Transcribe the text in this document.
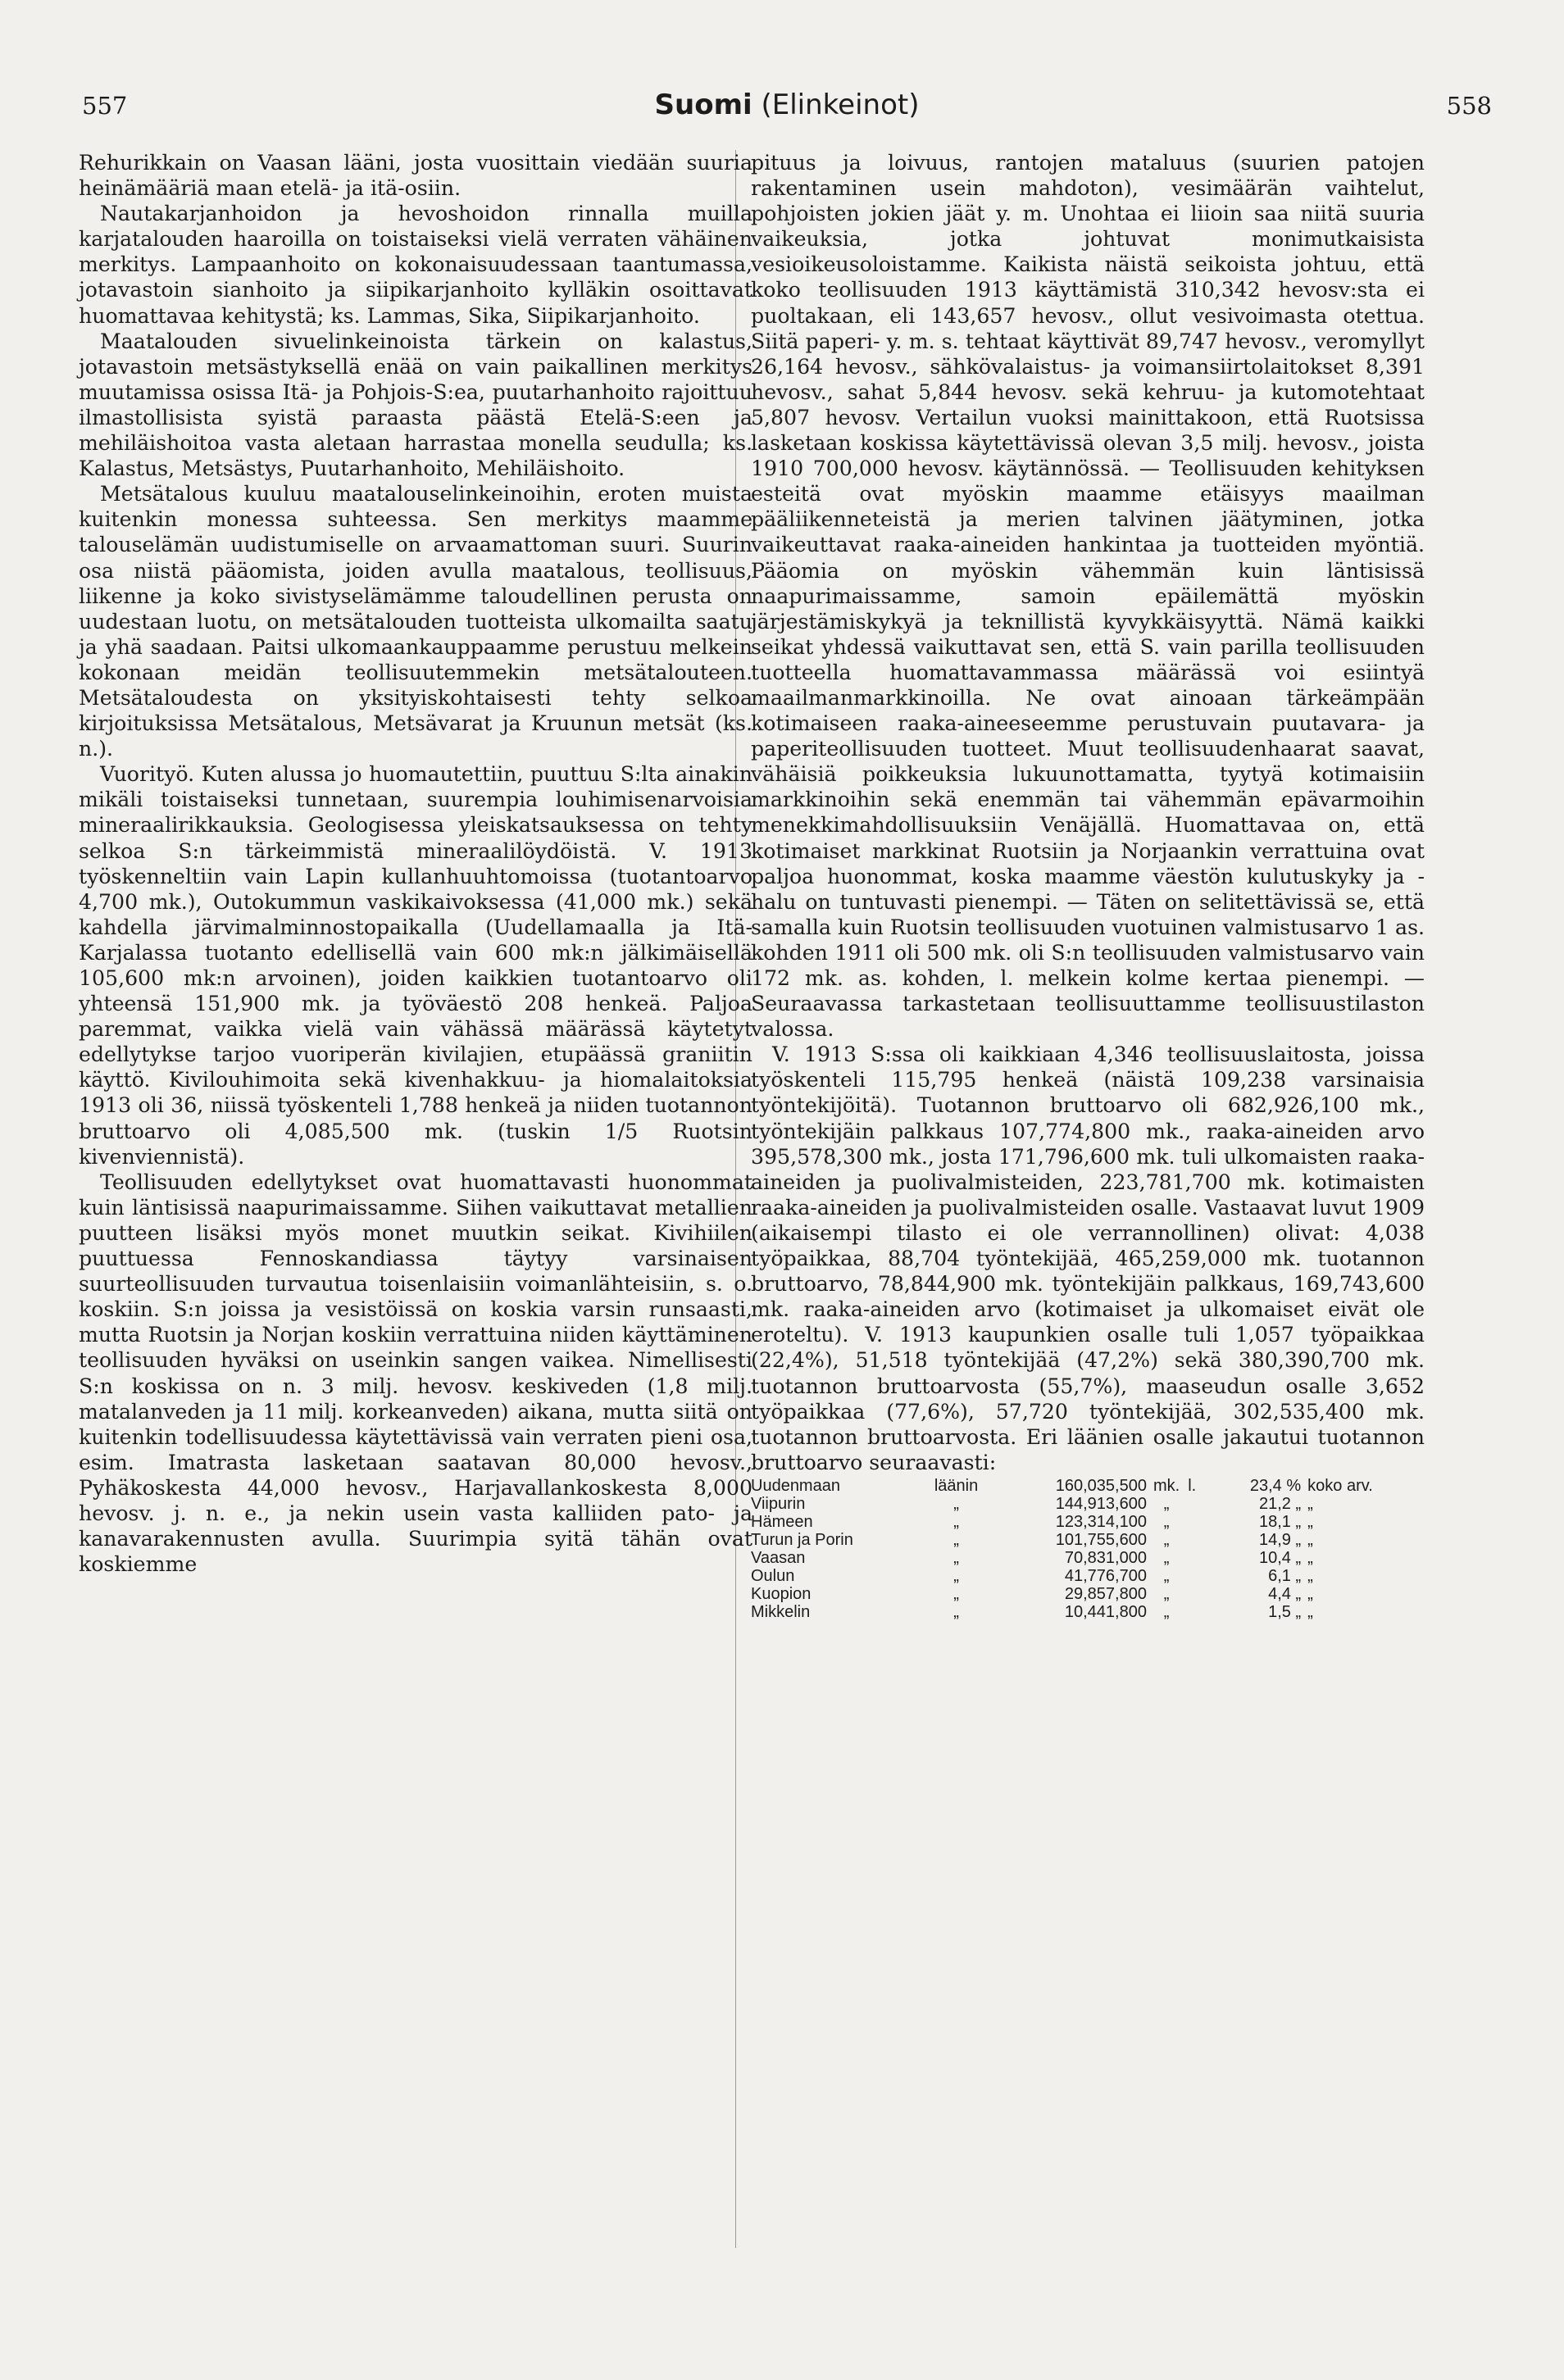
557	Suomi (Elinkeinot)	558

Rehurikkain on Vaasan lääni, josta vuosittain viedään suuria heinämääriä maan etelä- ja itä-osiin.

Nautakarjanhoidon ja hevoshoidon rinnalla muilla karjatalouden haaroilla on toistaiseksi vielä verraten vähäinen merkitys. Lampaanhoito on kokonaisuudessaan taantumassa, jotavastoin sianhoito ja siipikarjanhoito kylläkin osoittavat huomattavaa kehitystä; ks. Lammas, Sika, Siipikarjanhoito.

Maatalouden sivuelinkeinoista tärkein on kalastus, jotavastoin metsästyksellä enää on vain paikallinen merkitys muutamissa osissa Itä- ja Pohjois-S:ea, puutarhanhoito rajoittuu ilmastollisista syistä paraasta päästä Etelä-S:een ja mehiläishoitoa vasta aletaan harrastaa monella seudulla; ks. Kalastus, Metsästys, Puutarhanhoito, Mehiläishoito.

Metsätalous kuuluu maatalouselinkeinoihin, eroten muista kuitenkin monessa suhteessa. Sen merkitys maamme talouselämän uudistumiselle on arvaamattoman suuri. Suurin osa niistä pääomista, joiden avulla maatalous, teollisuus, liikenne ja koko sivistyselämämme taloudellinen perusta on uudestaan luotu, on metsätalouden tuotteista ulkomailta saatu ja yhä saadaan. Paitsi ulkomaankauppaamme perustuu melkein kokonaan meidän teollisuutemmekin metsätalouteen. Metsätaloudesta on yksityiskohtaisesti tehty selkoa kirjoituksissa Metsätalous, Metsävarat ja Kruunun metsät (ks. n.).

Vuorityö. Kuten alussa jo huomautettiin, puuttuu S:lta ainakin mikäli toistaiseksi tunnetaan, suurempia louhimisenarvoisia mineraalirikkauksia. Geologisessa yleiskatsauksessa on tehty selkoa S:n tärkeimmistä mineraalilöydöistä. V. 1913 työskenneltiin vain Lapin kullanhuuhtomoissa (tuotantoarvo 4,700 mk.), Outokummun vaskikaivoksessa (41,000 mk.) sekä kahdella järvimalminnostopaikalla (Uudellamaalla ja Itä-Karjalassa tuotanto edellisellä vain 600 mk:n jälkimäisellä 105,600 mk:n arvoinen), joiden kaikkien tuotantoarvo oli yhteensä 151,900 mk. ja työväestö 208 henkeä. Paljoa paremmat, vaikka vielä vain vähässä määrässä käytetyt edellytykse tarjoo vuoriperän kivilajien, etupäässä graniitin käyttö. Kivilouhimoita sekä kivenhakkuu- ja hiomalaitoksia 1913 oli 36, niissä työskenteli 1,788 henkeä ja niiden tuotannon bruttoarvo oli 4,085,500 mk. (tuskin 1/5 Ruotsin kivenviennistä).

Teollisuuden edellytykset ovat huomattavasti huonommat kuin läntisissä naapurimaissamme. Siihen vaikuttavat metallien puutteen lisäksi myös monet muutkin seikat. Kivihiilen puuttuessa Fennoskandiassa täytyy varsinaisen suurteollisuuden turvautua toisenlaisiin voimanlähteisiin, s. o. koskiin. S:n joissa ja vesistöissä on koskia varsin runsaasti, mutta Ruotsin ja Norjan koskiin verrattuina niiden käyttäminen teollisuuden hyväksi on useinkin sangen vaikea. Nimellisesti S:n koskissa on n. 3 milj. hevosv. keskiveden (1,8 milj. matalanveden ja 11 milj. korkeanveden) aikana, mutta siitä on kuitenkin todellisuudessa käytettävissä vain verraten pieni osa, esim. Imatrasta lasketaan saatavan 80,000 hevosv., Pyhäkoskesta 44,000 hevosv., Harjavallankoskesta 8,000 hevosv. j. n. e., ja nekin usein vasta kalliiden pato- ja kanavarakennusten avulla. Suurimpia syitä tähän ovat koskiemme

pituus ja loivuus, rantojen mataluus (suurien patojen rakentaminen usein mahdoton), vesimäärän vaihtelut, pohjoisten jokien jäät y. m. Unohtaa ei liioin saa niitä suuria vaikeuksia, jotka johtuvat monimutkaisista vesioikeusoloistamme. Kaikista näistä seikoista johtuu, että koko teollisuuden 1913 käyttämistä 310,342 hevosv:sta ei puoltakaan, eli 143,657 hevosv., ollut vesivoimasta otettua. Siitä paperi- y. m. s. tehtaat käyttivät 89,747 hevosv., veromyllyt 26,164 hevosv., sähkövalaistus- ja voimansiirtolaitokset 8,391 hevosv., sahat 5,844 hevosv. sekä kehruu- ja kutomotehtaat 5,807 hevosv. Vertailun vuoksi mainittakoon, että Ruotsissa lasketaan koskissa käytettävissä olevan 3,5 milj. hevosv., joista 1910 700,000 hevosv. käytännössä. — Teollisuuden kehityksen esteitä ovat myöskin maamme etäisyys maailman pääliikenneteistä ja merien talvinen jäätyminen, jotka vaikeuttavat raaka-aineiden hankintaa ja tuotteiden myöntiä. Pääomia on myöskin vähemmän kuin läntisissä naapurimaissamme, samoin epäilemättä myöskin järjestämiskykyä ja teknillistä kyvykkäisyyttä. Nämä kaikki seikat yhdessä vaikuttavat sen, että S. vain parilla teollisuuden tuotteella huomattavammassa määrässä voi esiintyä maailmanmarkkinoilla. Ne ovat ainoaan tärkeämpään kotimaiseen raaka-aineeseemme perustuvain puutavara- ja paperiteollisuuden tuotteet. Muut teollisuudenhaarat saavat, vähäisiä poikkeuksia lukuunottamatta, tyytyä kotimaisiin markkinoihin sekä enemmän tai vähemmän epävarmoihin menekkimahdollisuuksiin Venäjällä. Huomattavaa on, että kotimaiset markkinat Ruotsiin ja Norjaankin verrattuina ovat paljoa huonommat, koska maamme väestön kulutuskyky ja -halu on tuntuvasti pienempi. — Täten on selitettävissä se, että samalla kuin Ruotsin teollisuuden vuotuinen valmistusarvo 1 as. kohden 1911 oli 500 mk. oli S:n teollisuuden valmistusarvo vain 172 mk. as. kohden, l. melkein kolme kertaa pienempi. — Seuraavassa tarkastetaan teollisuuttamme teollisuustilaston valossa.

V. 1913 S:ssa oli kaikkiaan 4,346 teollisuuslaitosta, joissa työskenteli 115,795 henkeä (näistä 109,238 varsinaisia työntekijöitä). Tuotannon bruttoarvo oli 682,926,100 mk., työntekijäin palkkaus 107,774,800 mk., raaka-aineiden arvo 395,578,300 mk., josta 171,796,600 mk. tuli ulkomaisten raaka-aineiden ja puolivalmisteiden, 223,781,700 mk. kotimaisten raaka-aineiden ja puolivalmisteiden osalle. Vastaavat luvut 1909 (aikaisempi tilasto ei ole verrannollinen) olivat: 4,038 työpaikkaa, 88,704 työntekijää, 465,259,000 mk. tuotannon bruttoarvo, 78,844,900 mk. työntekijäin palkkaus, 169,743,600 mk. raaka-aineiden arvo (kotimaiset ja ulkomaiset eivät ole eroteltu). V. 1913 kaupunkien osalle tuli 1,057 työpaikkaa (22,4%), 51,518 työntekijää (47,2%) sekä 380,390,700 mk. tuotannon bruttoarvosta (55,7%), maaseudun osalle 3,652 työpaikkaa (77,6%), 57,720 työntekijää, 302,535,400 mk. tuotannon bruttoarvosta. Eri läänien osalle jakautui tuotannon bruttoarvo seuraavasti:

Uudenmaan	läänin	160,035,500	mk.	l.	23,4 %	koko arv.
Viipurin	„	144,913,600	„		21,2 „	„
Hämeen	„	123,314,100	„		18,1 „	„
Turun ja Porin	„	101,755,600	„		14,9 „	„
Vaasan	„	70,831,000	„		10,4 „	„
Oulun	„	41,776,700	„		6,1 „	„
Kuopion	„	29,857,800	„		4,4 „	„
Mikkelin	„	10,441,800	„		1,5 „	„
